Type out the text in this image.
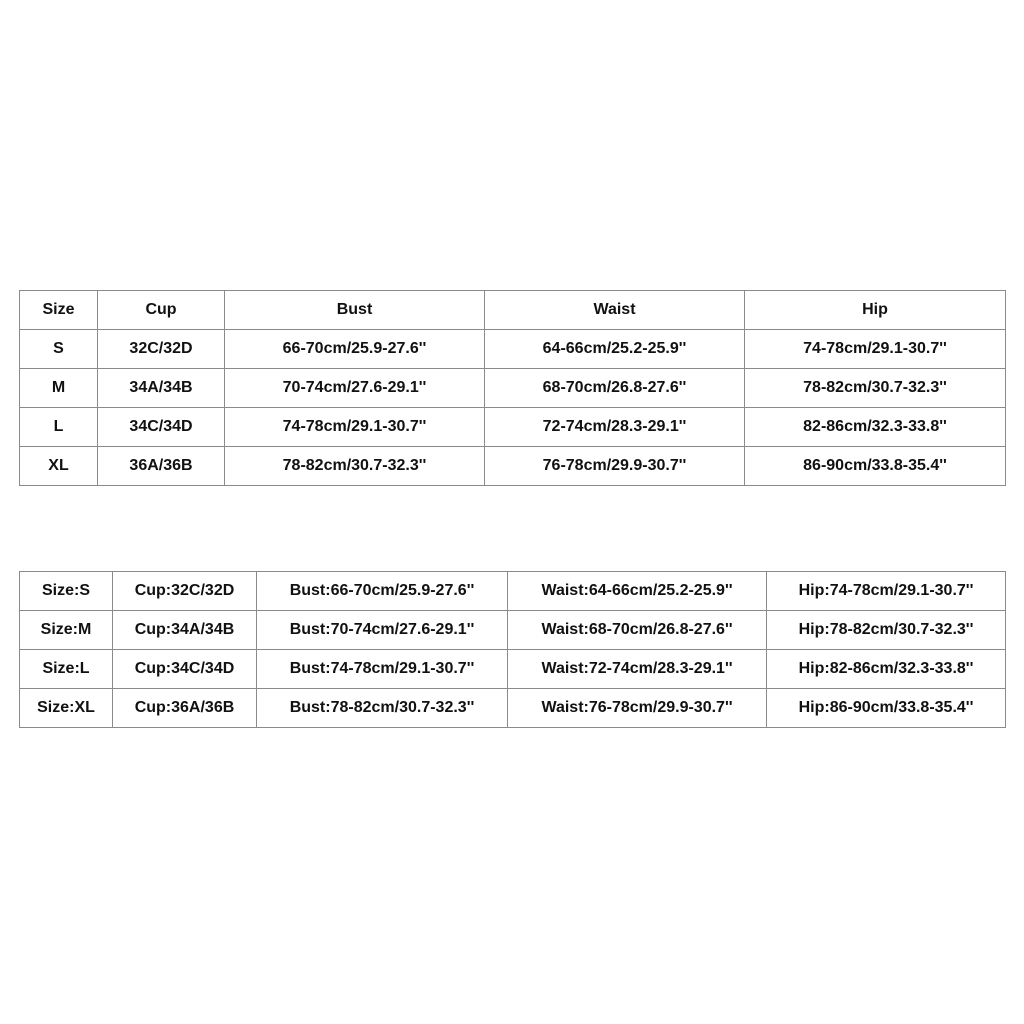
Size	Cup	Bust	Waist	Hip
S	32C/32D	66-70cm/25.9-27.6''	64-66cm/25.2-25.9''	74-78cm/29.1-30.7''
M	34A/34B	70-74cm/27.6-29.1''	68-70cm/26.8-27.6''	78-82cm/30.7-32.3''
L	34C/34D	74-78cm/29.1-30.7''	72-74cm/28.3-29.1''	82-86cm/32.3-33.8''
XL	36A/36B	78-82cm/30.7-32.3''	76-78cm/29.9-30.7''	86-90cm/33.8-35.4''
Size:S	Cup:32C/32D	Bust:66-70cm/25.9-27.6''	Waist:64-66cm/25.2-25.9''	Hip:74-78cm/29.1-30.7''
Size:M	Cup:34A/34B	Bust:70-74cm/27.6-29.1''	Waist:68-70cm/26.8-27.6''	Hip:78-82cm/30.7-32.3''
Size:L	Cup:34C/34D	Bust:74-78cm/29.1-30.7''	Waist:72-74cm/28.3-29.1''	Hip:82-86cm/32.3-33.8''
Size:XL	Cup:36A/36B	Bust:78-82cm/30.7-32.3''	Waist:76-78cm/29.9-30.7''	Hip:86-90cm/33.8-35.4''
